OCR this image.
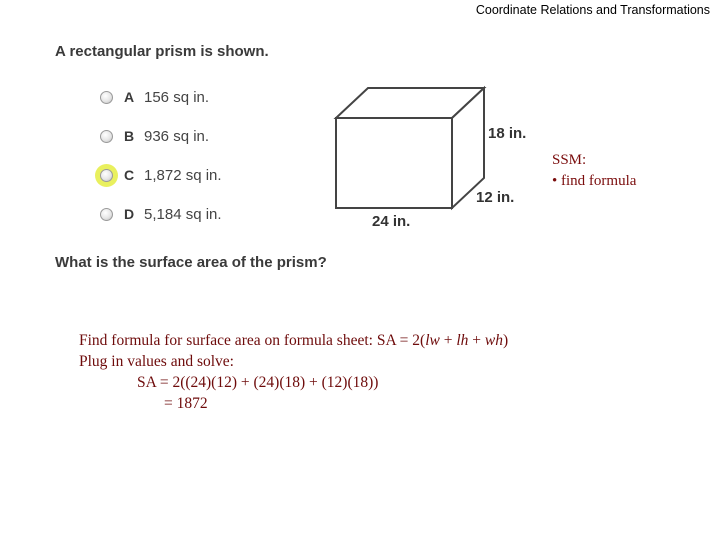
Coordinate Relations and Transformations
A rectangular prism is shown.
A 156 sq in.
B 936 sq in.
C 1,872 sq in.
D 5,184 sq in.
18 in.
12 in.
24 in.
SSM:
• find formula
What is the surface area of the prism?
Find formula for surface area on formula sheet: SA = 2(lw + lh + wh)
Plug in values and solve:
SA = 2((24)(12) + (24)(18) + (12)(18))
= 1872
